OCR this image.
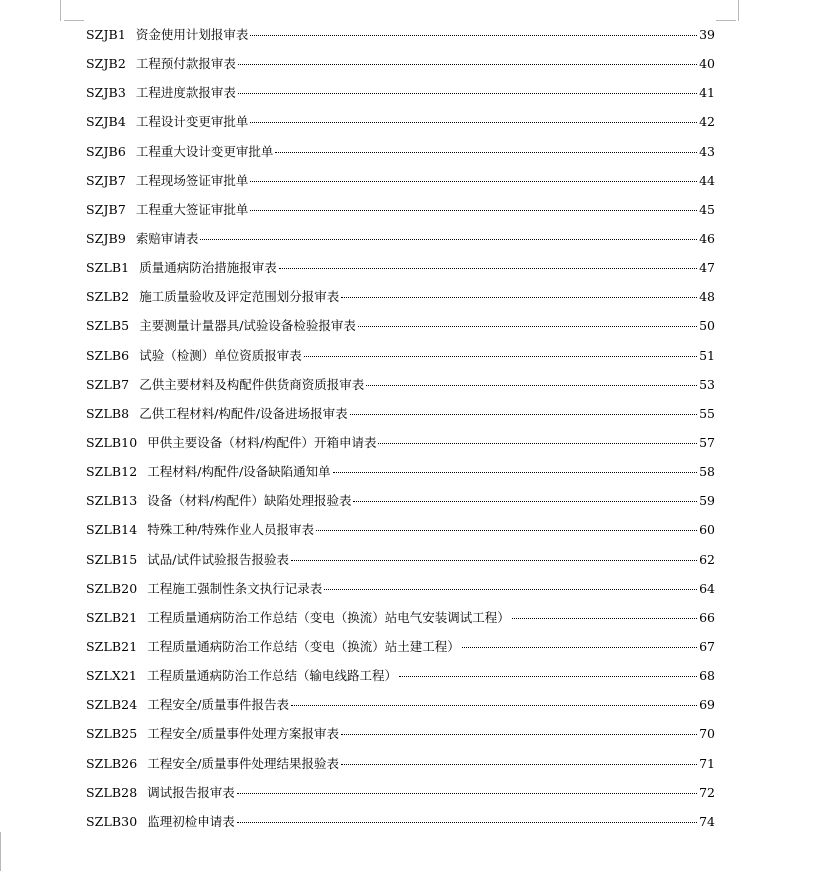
SZJB1 资金使用计划报审表	39
SZJB2 工程预付款报审表	40
SZJB3 工程进度款报审表	41
SZJB4 工程设计变更审批单	42
SZJB6 工程重大设计变更审批单	43
SZJB7 工程现场签证审批单	44
SZJB7 工程重大签证审批单	45
SZJB9 索赔审请表	46
SZLB1 质量通病防治措施报审表	47
SZLB2 施工质量验收及评定范围划分报审表	48
SZLB5 主要测量计量器具/试验设备检验报审表	50
SZLB6 试验（检测）单位资质报审表	51
SZLB7 乙供主要材料及构配件供货商资质报审表	53
SZLB8 乙供工程材料/构配件/设备进场报审表	55
SZLB10 甲供主要设备（材料/构配件）开箱申请表	57
SZLB12 工程材料/构配件/设备缺陷通知单	58
SZLB13 设备（材料/构配件）缺陷处理报验表	59
SZLB14 特殊工种/特殊作业人员报审表	60
SZLB15 试品/试件试验报告报验表	62
SZLB20 工程施工强制性条文执行记录表	64
SZLB21 工程质量通病防治工作总结（变电（换流）站电气安装调试工程）	66
SZLB21 工程质量通病防治工作总结（变电（换流）站土建工程）	67
SZLX21 工程质量通病防治工作总结（输电线路工程）	68
SZLB24 工程安全/质量事件报告表	69
SZLB25 工程安全/质量事件处理方案报审表	70
SZLB26 工程安全/质量事件处理结果报验表	71
SZLB28 调试报告报审表	72
SZLB30 监理初检申请表	74
